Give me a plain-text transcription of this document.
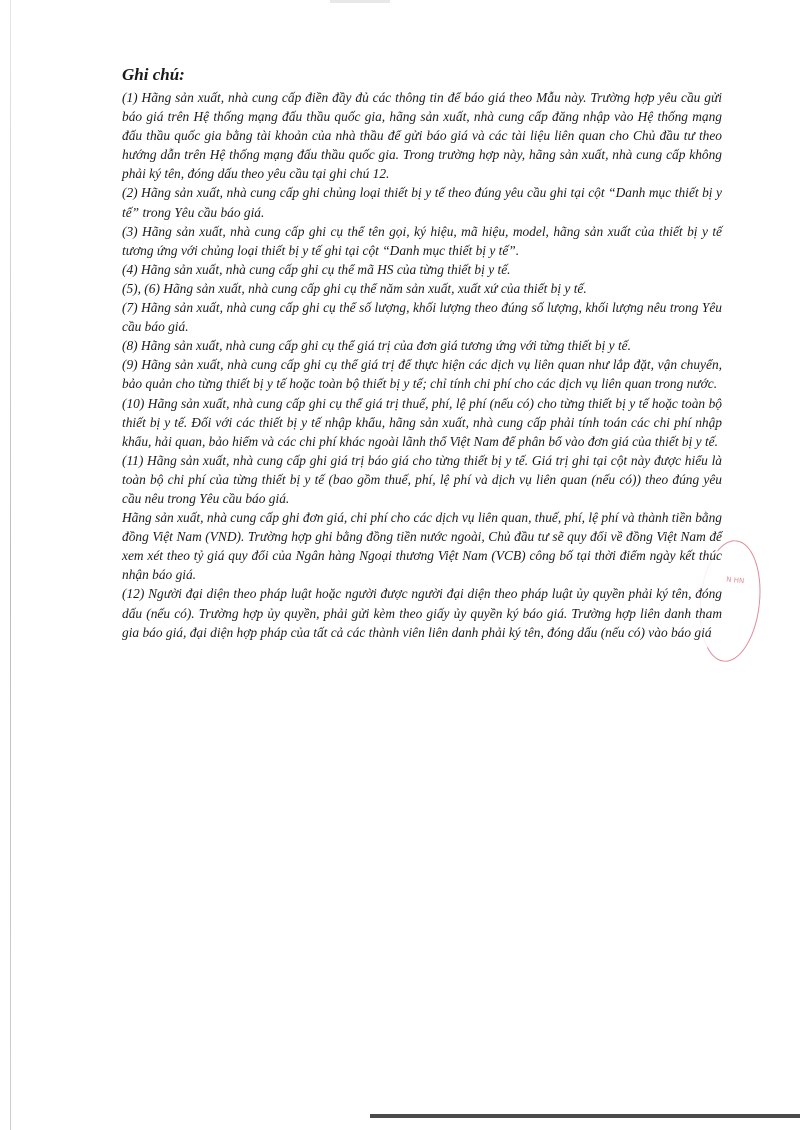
Ghi chú:

(1) Hãng sản xuất, nhà cung cấp điền đầy đủ các thông tin để báo giá theo Mẫu này. Trường hợp yêu cầu gửi báo giá trên Hệ thống mạng đấu thầu quốc gia, hãng sản xuất, nhà cung cấp đăng nhập vào Hệ thống mạng đấu thầu quốc gia bằng tài khoản của nhà thầu để gửi báo giá và các tài liệu liên quan cho Chủ đầu tư theo hướng dẫn trên Hệ thống mạng đấu thầu quốc gia. Trong trường hợp này, hãng sản xuất, nhà cung cấp không phải ký tên, đóng dấu theo yêu cầu tại ghi chú 12.

(2) Hãng sản xuất, nhà cung cấp ghi chủng loại thiết bị y tế theo đúng yêu cầu ghi tại cột “Danh mục thiết bị y tế” trong Yêu cầu báo giá.

(3) Hãng sản xuất, nhà cung cấp ghi cụ thể tên gọi, ký hiệu, mã hiệu, model, hãng sản xuất của thiết bị y tế tương ứng với chủng loại thiết bị y tế ghi tại cột “Danh mục thiết bị y tế”.

(4) Hãng sản xuất, nhà cung cấp ghi cụ thể mã HS của từng thiết bị y tế.

(5), (6) Hãng sản xuất, nhà cung cấp ghi cụ thể năm sản xuất, xuất xứ của thiết bị y tế.

(7) Hãng sản xuất, nhà cung cấp ghi cụ thể số lượng, khối lượng theo đúng số lượng, khối lượng nêu trong Yêu cầu báo giá.

(8) Hãng sản xuất, nhà cung cấp ghi cụ thể giá trị của đơn giá tương ứng với từng thiết bị y tế.

(9) Hãng sản xuất, nhà cung cấp ghi cụ thể giá trị để thực hiện các dịch vụ liên quan như lắp đặt, vận chuyển, bảo quản cho từng thiết bị y tế hoặc toàn bộ thiết bị y tế; chỉ tính chi phí cho các dịch vụ liên quan trong nước.

(10) Hãng sản xuất, nhà cung cấp ghi cụ thể giá trị thuế, phí, lệ phí (nếu có) cho từng thiết bị y tế hoặc toàn bộ thiết bị y tế. Đối với các thiết bị y tế nhập khẩu, hãng sản xuất, nhà cung cấp phải tính toán các chi phí nhập khẩu, hải quan, bảo hiểm và các chi phí khác ngoài lãnh thổ Việt Nam để phân bổ vào đơn giá của thiết bị y tế.

(11) Hãng sản xuất, nhà cung cấp ghi giá trị báo giá cho từng thiết bị y tế. Giá trị ghi tại cột này được hiểu là toàn bộ chi phí của từng thiết bị y tế (bao gồm thuế, phí, lệ phí và dịch vụ liên quan (nếu có)) theo đúng yêu cầu nêu trong Yêu cầu báo giá.

Hãng sản xuất, nhà cung cấp ghi đơn giá, chi phí cho các dịch vụ liên quan, thuế, phí, lệ phí và thành tiền bằng đồng Việt Nam (VND). Trường hợp ghi bằng đồng tiền nước ngoài, Chủ đầu tư sẽ quy đổi về đồng Việt Nam để xem xét theo tỷ giá quy đổi của Ngân hàng Ngoại thương Việt Nam (VCB) công bố tại thời điểm ngày kết thúc nhận báo giá.

(12) Người đại diện theo pháp luật hoặc người được người đại diện theo pháp luật ủy quyền phải ký tên, đóng dấu (nếu có). Trường hợp ủy quyền, phải gửi kèm theo giấy ủy quyền ký báo giá. Trường hợp liên danh tham gia báo giá, đại diện hợp pháp của tất cả các thành viên liên danh phải ký tên, đóng dấu (nếu có) vào báo giá

N HN
